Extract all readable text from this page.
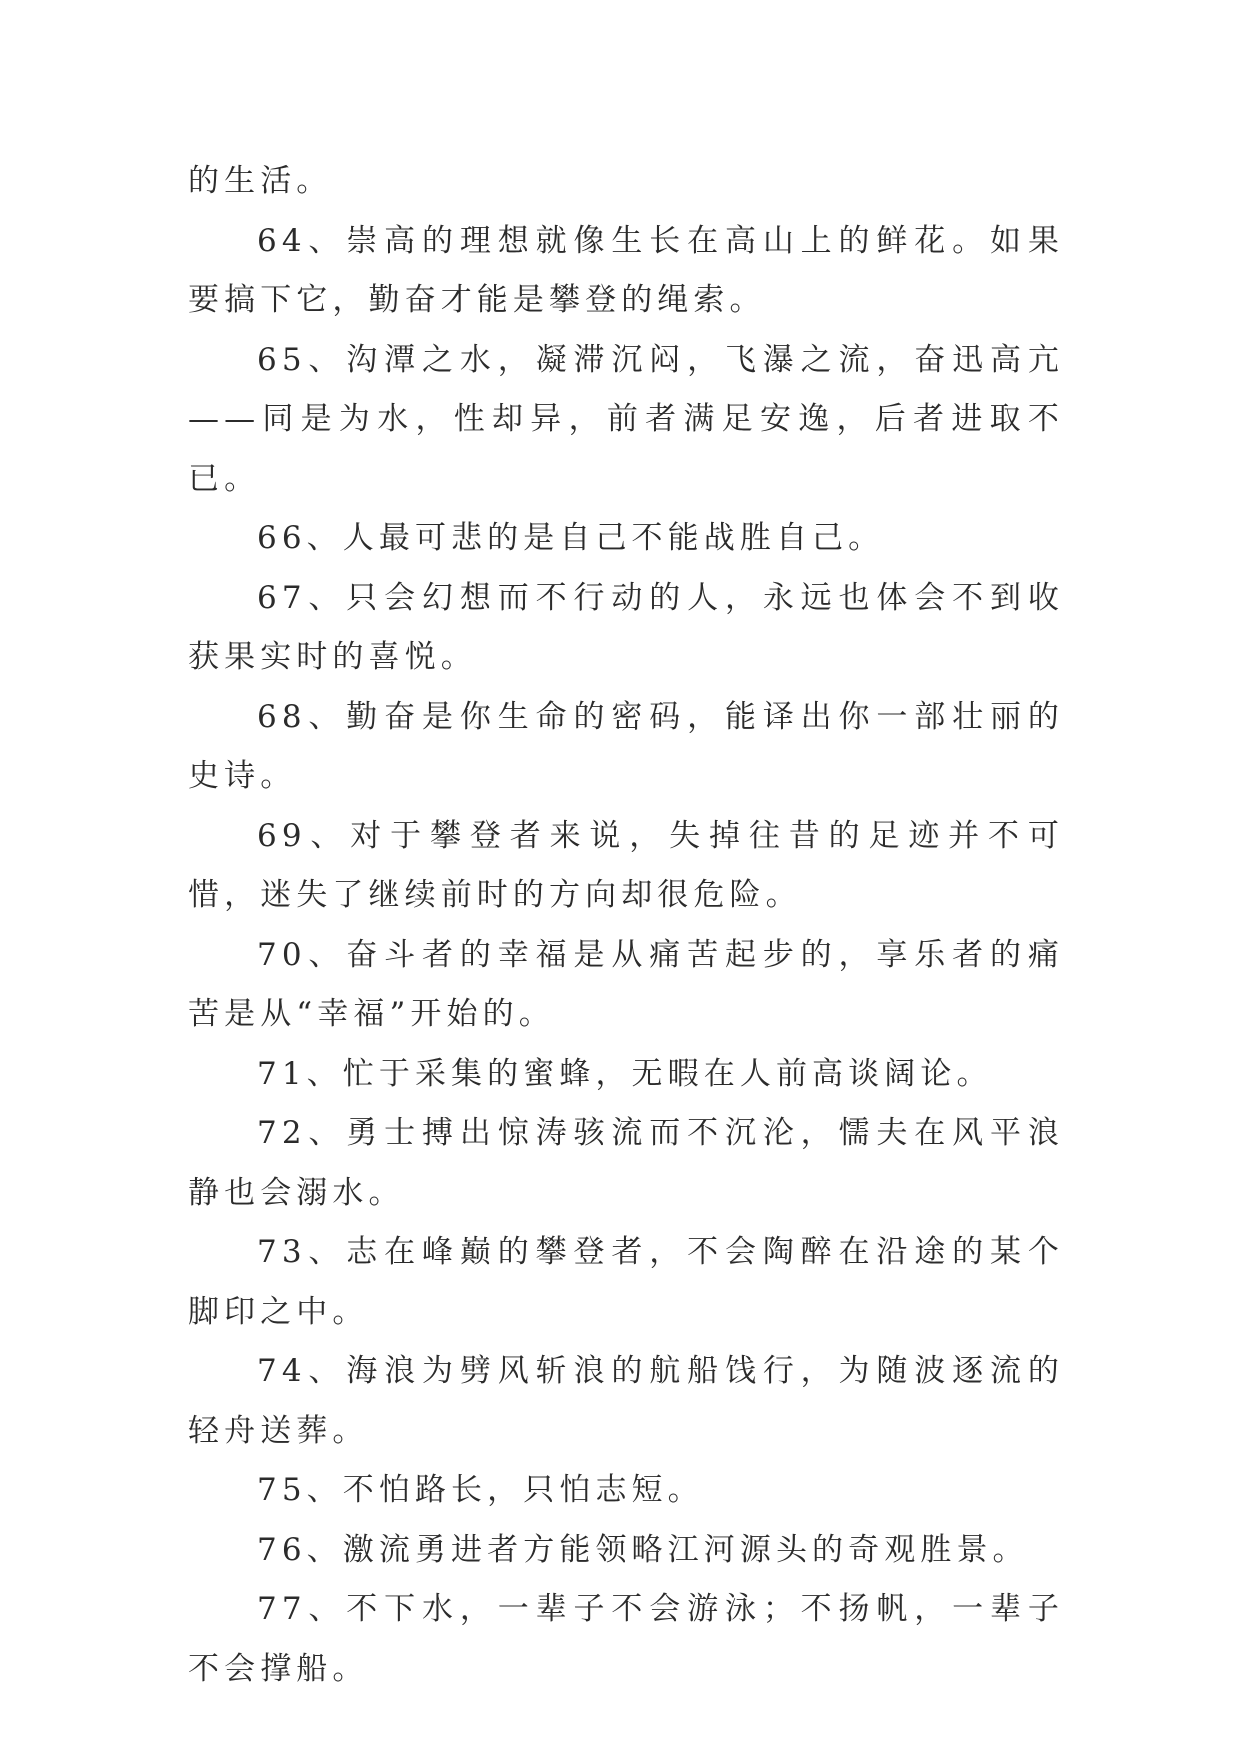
的生活。

64、崇高的理想就像生长在高山上的鲜花。如果要搞下它，勤奋才能是攀登的绳索。

65、沟潭之水，凝滞沉闷，飞瀑之流，奋迅高亢——同是为水，性却异，前者满足安逸，后者进取不已。

66、人最可悲的是自己不能战胜自己。

67、只会幻想而不行动的人，永远也体会不到收获果实时的喜悦。

68、勤奋是你生命的密码，能译出你一部壮丽的史诗。

69、对于攀登者来说，失掉往昔的足迹并不可惜，迷失了继续前时的方向却很危险。

70、奋斗者的幸福是从痛苦起步的，享乐者的痛苦是从“幸福”开始的。

71、忙于采集的蜜蜂，无暇在人前高谈阔论。

72、勇士搏出惊涛骇流而不沉沦，懦夫在风平浪静也会溺水。

73、志在峰巅的攀登者，不会陶醉在沿途的某个脚印之中。

74、海浪为劈风斩浪的航船饯行，为随波逐流的轻舟送葬。

75、不怕路长，只怕志短。

76、激流勇进者方能领略江河源头的奇观胜景。

77、不下水，一辈子不会游泳；不扬帆，一辈子不会撑船。
